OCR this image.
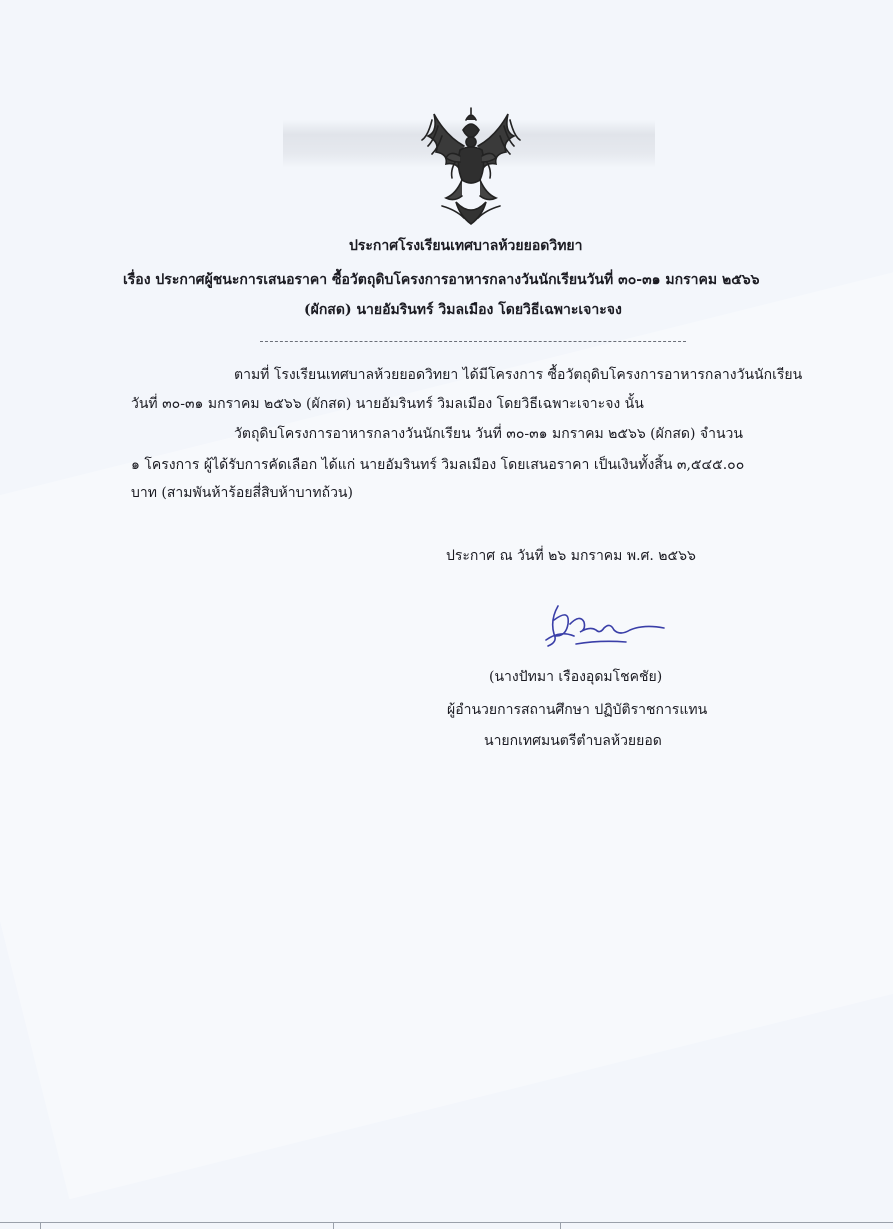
ประกาศโรงเรียนเทศบาลห้วยยอดวิทยา
เรื่อง ประกาศผู้ชนะการเสนอราคา ซื้อวัตถุดิบโครงการอาหารกลางวันนักเรียนวันที่ ๓๐-๓๑ มกราคม ๒๕๖๖
(ผักสด) นายอัมรินทร์ วิมลเมือง โดยวิธีเฉพาะเจาะจง
ตามที่ โรงเรียนเทศบาลห้วยยอดวิทยา ได้มีโครงการ ซื้อวัตถุดิบโครงการอาหารกลางวันนักเรียน
วันที่ ๓๐-๓๑ มกราคม ๒๕๖๖ (ผักสด) นายอัมรินทร์ วิมลเมือง โดยวิธีเฉพาะเจาะจง นั้น
วัตถุดิบโครงการอาหารกลางวันนักเรียน วันที่ ๓๐-๓๑ มกราคม ๒๕๖๖ (ผักสด) จำนวน
๑ โครงการ ผู้ได้รับการคัดเลือก ได้แก่ นายอัมรินทร์ วิมลเมือง โดยเสนอราคา เป็นเงินทั้งสิ้น ๓,๕๔๕.๐๐
บาท (สามพันห้าร้อยสี่สิบห้าบาทถ้วน)
ประกาศ ณ วันที่ ๒๖ มกราคม พ.ศ. ๒๕๖๖
(นางปัทมา เรืองอุดมโชคชัย)
ผู้อำนวยการสถานศึกษา ปฏิบัติราชการแทน
นายกเทศมนตรีตำบลห้วยยอด
